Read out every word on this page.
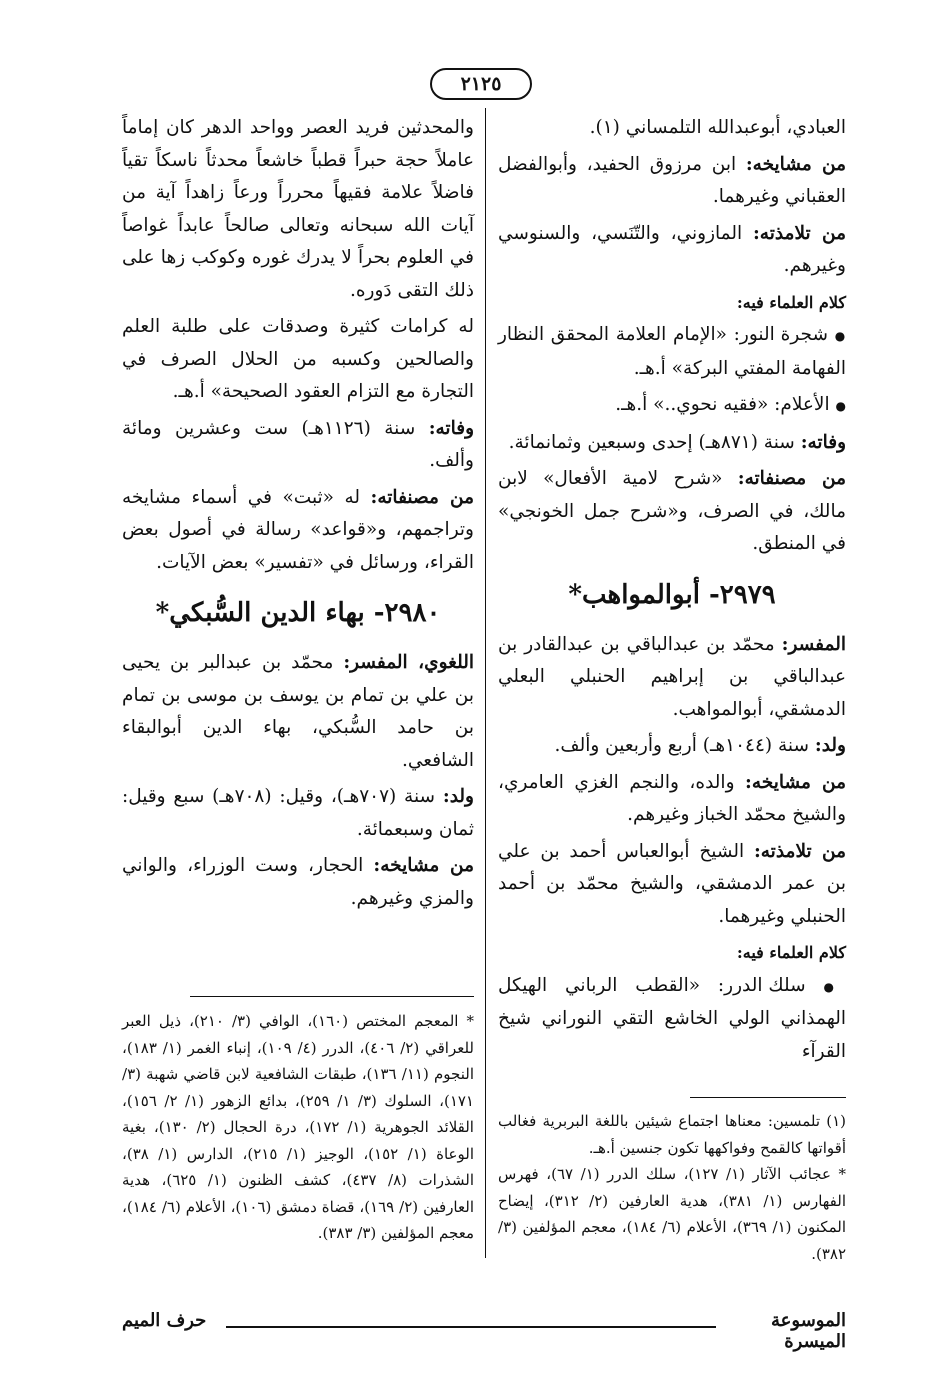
٢١٢٥

العبادي، أبوعبدالله التلمساني (١).

من مشايخه: ابن مرزوق الحفيد، وأبوالفضل العقباني وغيرهما.

من تلامذته: المازوني، والتّنَسي، والسنوسي وغيرهم.

كلام العلماء فيه:

● شجرة النور: «الإمام العلامة المحقق النظار الفهامة المفتي البركة» أ.هـ.

● الأعلام: «فقيه نحوي..» أ.هـ.

وفاته: سنة (٨٧١هـ) إحدى وسبعين وثمانمائة.

من مصنفاته: «شرح لامية الأفعال» لابن مالك، في الصرف، و«شرح جمل الخونجي» في المنطق.

٢٩٧٩- أبوالمواهب*

المفسر: محمّد بن عبدالباقي بن عبدالقادر بن عبدالباقي بن إبراهيم الحنبلي البعلي الدمشقي، أبوالمواهب.

ولد: سنة (١٠٤٤هـ) أربع وأربعين وألف.

من مشايخه: والده، والنجم الغزي العامري، والشيخ محمّد الخباز وغيرهم.

من تلامذته: الشيخ أبوالعباس أحمد بن علي بن عمر الدمشقي، والشيخ محمّد بن أحمد الحنبلي وغيرهما.

كلام العلماء فيه:

● سلك الدرر: «القطب الرباني الهيكل الهمذاني الولي الخاشع التقي النوراني شيخ القرآء

والمحدثين فريد العصر وواحد الدهر كان إماماً عاملاً حجة حبراً قطباً خاشعاً محدثاً ناسكاً تقياً فاضلاً علامة فقيهاً محرراً ورعاً زاهداً آية من آيات الله سبحانه وتعالى صالحاً عابداً غواصاً في العلوم بحراً لا يدرك غوره وكوكب زها على ذلك التقى دَوره.

له كرامات كثيرة وصدقات على طلبة العلم والصالحين وكسبه من الحلال الصرف في التجارة مع التزام العقود الصحيحة» أ.هـ.

وفاته: سنة (١١٢٦هـ) ست وعشرين ومائة وألف.

من مصنفاته: له «ثبت» في أسماء مشايخه وتراجمهم، و«قواعد» رسالة في أصول بعض القراء، ورسائل في «تفسير» بعض الآيات.

٢٩٨٠- بهاء الدين السُّبكي*

اللغوي، المفسر: محمّد بن عبدالبر بن يحيى بن علي بن تمام بن يوسف بن موسى بن تمام بن حامد السُّبكي، بهاء الدين أبوالبقاء الشافعي.

ولد: سنة (٧٠٧هـ)، وقيل: (٧٠٨هـ) سبع وقيل: ثمان وسبعمائة.

من مشايخه: الحجار، وست الوزراء، والواني والمزي وغيرهم.

(١) تلمسين: معناها اجتماع شيئين باللغة البربرية فغالب أقواتها كالقمح وفواكهها تكون جنسين أ.هـ.
* عجائب الآثار (١/ ١٢٧)، سلك الدرر (١/ ٦٧)، فهرس الفهارس (١/ ٣٨١)، هدية العارفين (٢/ ٣١٢)، إيضاح المكنون (١/ ٣٦٩)، الأعلام (٦/ ١٨٤)، معجم المؤلفين (٣/ ٣٨٢).
* المعجم المختص (١٦٠)، الوافي (٣/ ٢١٠)، ذيل العبر للعراقي (٢/ ٤٠٦)، الدرر (٤/ ١٠٩)، إنباء الغمر (١/ ١٨٣)، النجوم (١١/ ١٣٦)، طبقات الشافعية لابن قاضي شهبة (٣/ ١٧١)، السلوك (٣/ ١/ ٢٥٩)، بدائع الزهور (١/ ٢/ ١٥٦)، القلائد الجوهرية (١/ ١٧٢)، درة الحجال (٢/ ١٣٠)، بغية الوعاة (١/ ١٥٢)، الوجيز (١/ ٢١٥)، الدارس (١/ ٣٨)، الشذرات (٨/ ٤٣٧)، كشف الظنون (١/ ٦٢٥)، هدية العارفين (٢/ ١٦٩)، قضاة دمشق (١٠٦)، الأعلام (٦/ ١٨٤)، معجم المؤلفين (٣/ ٣٨٣).
الموسوعة الميسرة
حرف الميم
